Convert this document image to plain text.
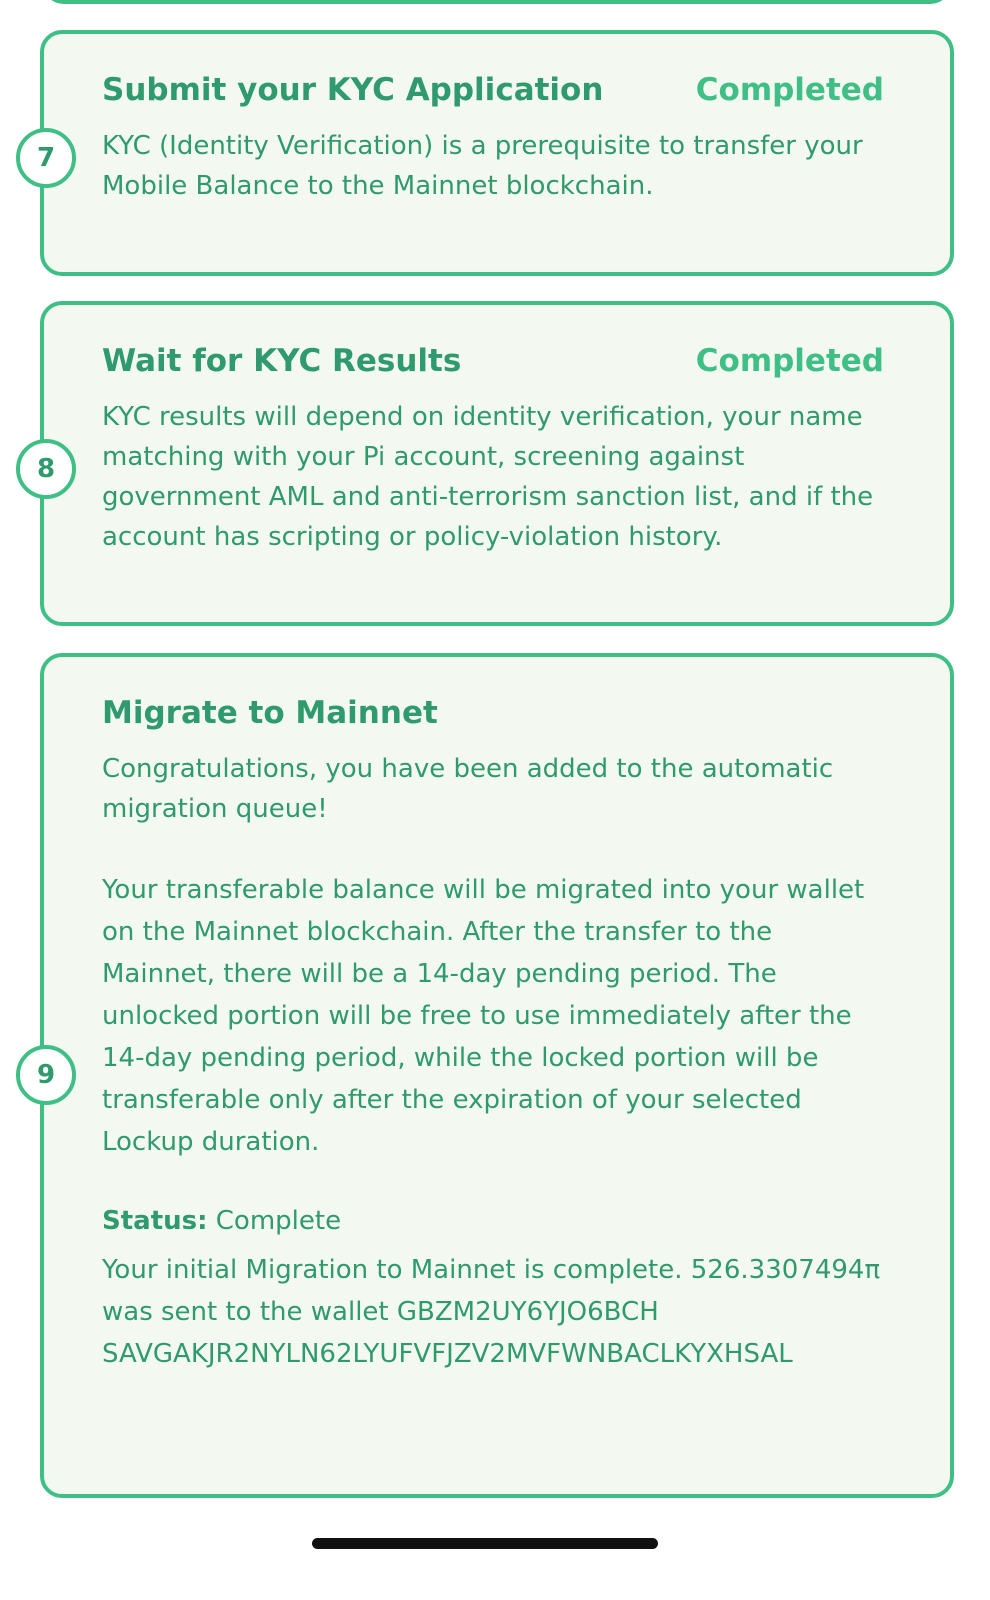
7
Submit your KYC Application	Completed
KYC (Identity Verification) is a prerequisite to transfer your Mobile Balance to the Mainnet blockchain.
8
Wait for KYC Results	Completed
KYC results will depend on identity verification, your name matching with your Pi account, screening against government AML and anti-terrorism sanction list, and if the account has scripting or policy-violation history.
9
Migrate to Mainnet
Congratulations, you have been added to the automatic migration queue!
Your transferable balance will be migrated into your wallet on the Mainnet blockchain. After the transfer to the Mainnet, there will be a 14-day pending period. The unlocked portion will be free to use immediately after the 14-day pending period, while the locked portion will be transferable only after the expiration of your selected Lockup duration.
Status: Complete
Your initial Migration to Mainnet is complete. 526.3307494π was sent to the wallet GBZM2UY6YJO6BCH SAVGAKJR2NYLN62LYUFVFJZV2MVFWNBACLKYXHSAL
